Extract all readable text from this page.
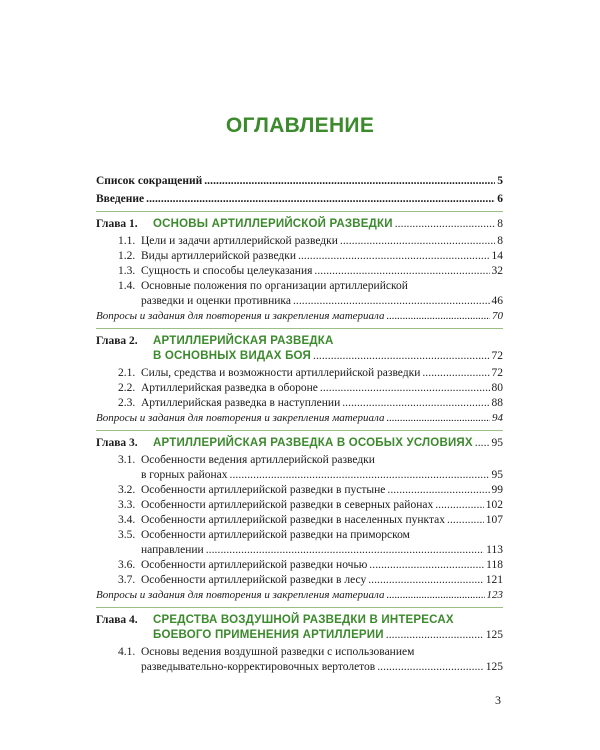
ОГЛАВЛЕНИЕ
Список сокращений . . .	5
Введение . . .	6
Глава 1. ОСНОВЫ АРТИЛЛЕРИЙСКОЙ РАЗВЕДКИ . . .	8
1.1. Цели и задачи артиллерийской разведки . . .	8
1.2. Виды артиллерийской разведки . . .	14
1.3. Сущность и способы целеуказания . . .	32
1.4. Основные положения по организации артиллерийской
разведки и оценки противника . . .	46
Вопросы и задания для повторения и закрепления материала . . .	70
Глава 2. АРТИЛЛЕРИЙСКАЯ РАЗВЕДКА
В ОСНОВНЫХ ВИДАХ БОЯ . . .	72
2.1. Силы, средства и возможности артиллерийской разведки . . .	72
2.2. Артиллерийская разведка в обороне . . .	80
2.3. Артиллерийская разведка в наступлении . . .	88
Вопросы и задания для повторения и закрепления материала . . .	94
Глава 3. АРТИЛЛЕРИЙСКАЯ РАЗВЕДКА В ОСОБЫХ УСЛОВИЯХ . . . 95
3.1. Особенности ведения артиллерийской разведки
в горных районах . . .	95
3.2. Особенности артиллерийской разведки в пустыне . . .	99
3.3. Особенности артиллерийской разведки в северных районах . . .	102
3.4. Особенности артиллерийской разведки в населенных пунктах . . .	107
3.5. Особенности артиллерийской разведки на приморском
направлении . . .	113
3.6. Особенности артиллерийской разведки ночью . . .	118
3.7. Особенности артиллерийской разведки в лесу . . .	121
Вопросы и задания для повторения и закрепления материала . . .	123
Глава 4. СРЕДСТВА ВОЗДУШНОЙ РАЗВЕДКИ В ИНТЕРЕСАХ
БОЕВОГО ПРИМЕНЕНИЯ АРТИЛЛЕРИИ . . .	125
4.1. Основы ведения воздушной разведки с использованием
разведывательно-корректировочных вертолетов . . .	125
3
